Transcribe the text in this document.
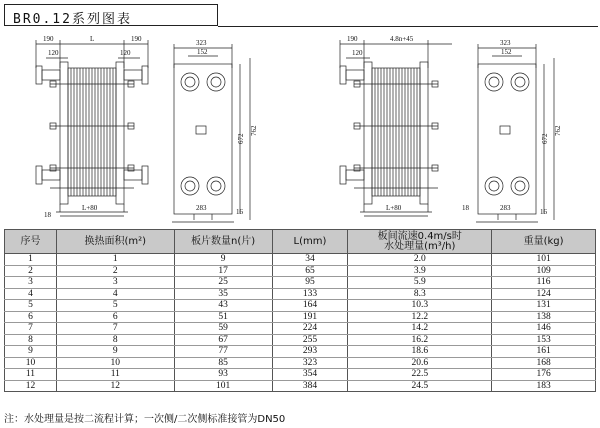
BR0.12系列图表
190	L	190
120	120
L+80
18
323
152
672
762
283	16
190	4.8n+45
120
L+80	18
323
152
672
762
283	16
序号	换热面积(m²)	板片数量n(片)	L(mm)	板间流速0.4m/s时
水处理量(m³/h)	重量(kg)
1	1	9	34	2.0	101
2	2	17	65	3.9	109
3	3	25	95	5.9	116
4	4	35	133	8.3	124
5	5	43	164	10.3	131
6	6	51	191	12.2	138
7	7	59	224	14.2	146
8	8	67	255	16.2	153
9	9	77	293	18.6	161
10	10	85	323	20.6	168
11	11	93	354	22.5	176
12	12	101	384	24.5	183
注：水处理量是按二流程计算；一次侧/二次侧标准接管为DN50
